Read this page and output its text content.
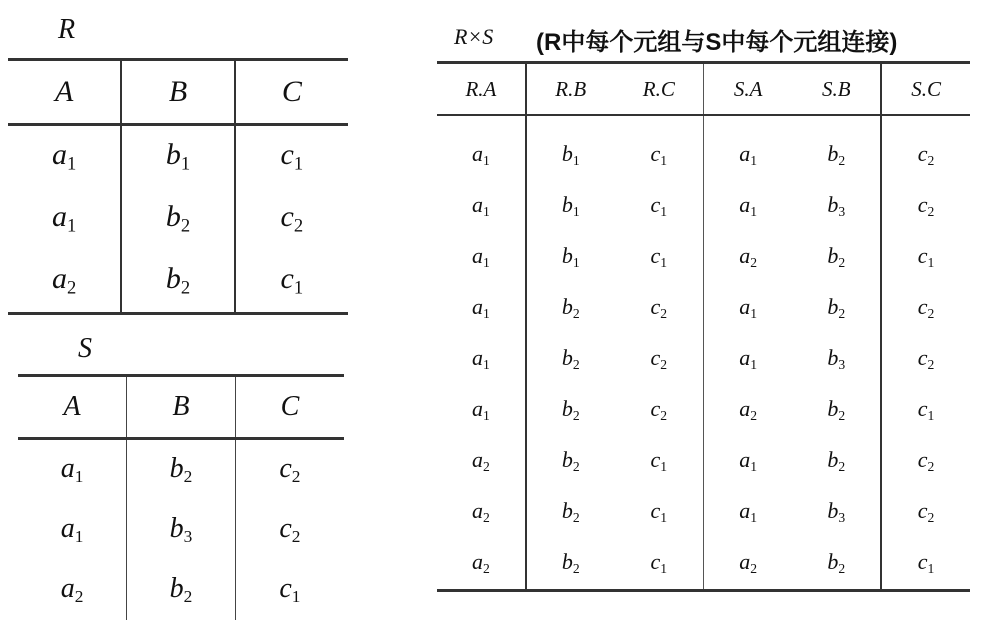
R
A	B	C
$a_1$	$b_1$	$c_1$
$a_1$	$b_2$	$c_2$
$a_2$	$b_2$	$c_1$
S
A	B	C
$a_1$	$b_2$	$c_2$
$a_1$	$b_3$	$c_2$
$a_2$	$b_2$	$c_1$
R×S (R中每个元组与S中每个元组连接)
R.A	R.B	R.C	S.A	S.B	S.C
$a_1$	$b_1$	$c_1$	$a_1$	$b_2$	$c_2$
$a_1$	$b_1$	$c_1$	$a_1$	$b_3$	$c_2$
$a_1$	$b_1$	$c_1$	$a_2$	$b_2$	$c_1$
$a_1$	$b_2$	$c_2$	$a_1$	$b_2$	$c_2$
$a_1$	$b_2$	$c_2$	$a_1$	$b_3$	$c_2$
$a_1$	$b_2$	$c_2$	$a_2$	$b_2$	$c_1$
$a_2$	$b_2$	$c_1$	$a_1$	$b_2$	$c_2$
$a_2$	$b_2$	$c_1$	$a_1$	$b_3$	$c_2$
$a_2$	$b_2$	$c_1$	$a_2$	$b_2$	$c_1$
